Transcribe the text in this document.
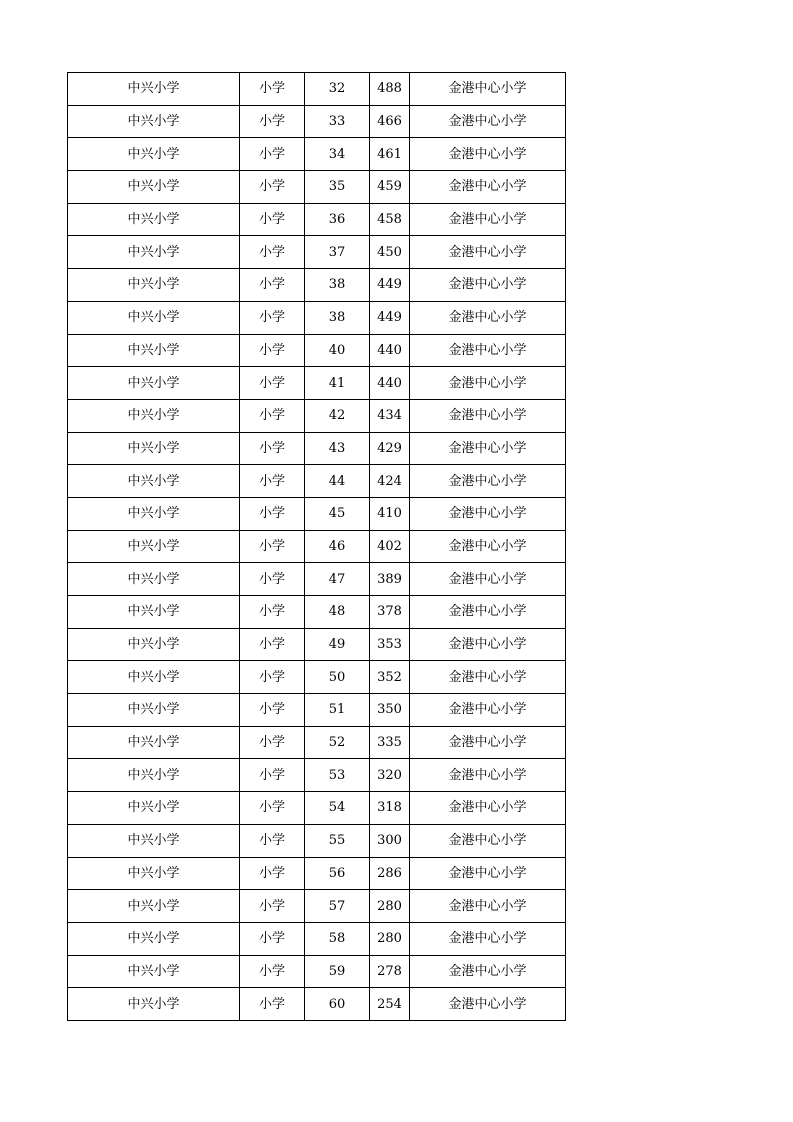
中兴小学	小学	32	488	金港中心小学
中兴小学	小学	33	466	金港中心小学
中兴小学	小学	34	461	金港中心小学
中兴小学	小学	35	459	金港中心小学
中兴小学	小学	36	458	金港中心小学
中兴小学	小学	37	450	金港中心小学
中兴小学	小学	38	449	金港中心小学
中兴小学	小学	38	449	金港中心小学
中兴小学	小学	40	440	金港中心小学
中兴小学	小学	41	440	金港中心小学
中兴小学	小学	42	434	金港中心小学
中兴小学	小学	43	429	金港中心小学
中兴小学	小学	44	424	金港中心小学
中兴小学	小学	45	410	金港中心小学
中兴小学	小学	46	402	金港中心小学
中兴小学	小学	47	389	金港中心小学
中兴小学	小学	48	378	金港中心小学
中兴小学	小学	49	353	金港中心小学
中兴小学	小学	50	352	金港中心小学
中兴小学	小学	51	350	金港中心小学
中兴小学	小学	52	335	金港中心小学
中兴小学	小学	53	320	金港中心小学
中兴小学	小学	54	318	金港中心小学
中兴小学	小学	55	300	金港中心小学
中兴小学	小学	56	286	金港中心小学
中兴小学	小学	57	280	金港中心小学
中兴小学	小学	58	280	金港中心小学
中兴小学	小学	59	278	金港中心小学
中兴小学	小学	60	254	金港中心小学
